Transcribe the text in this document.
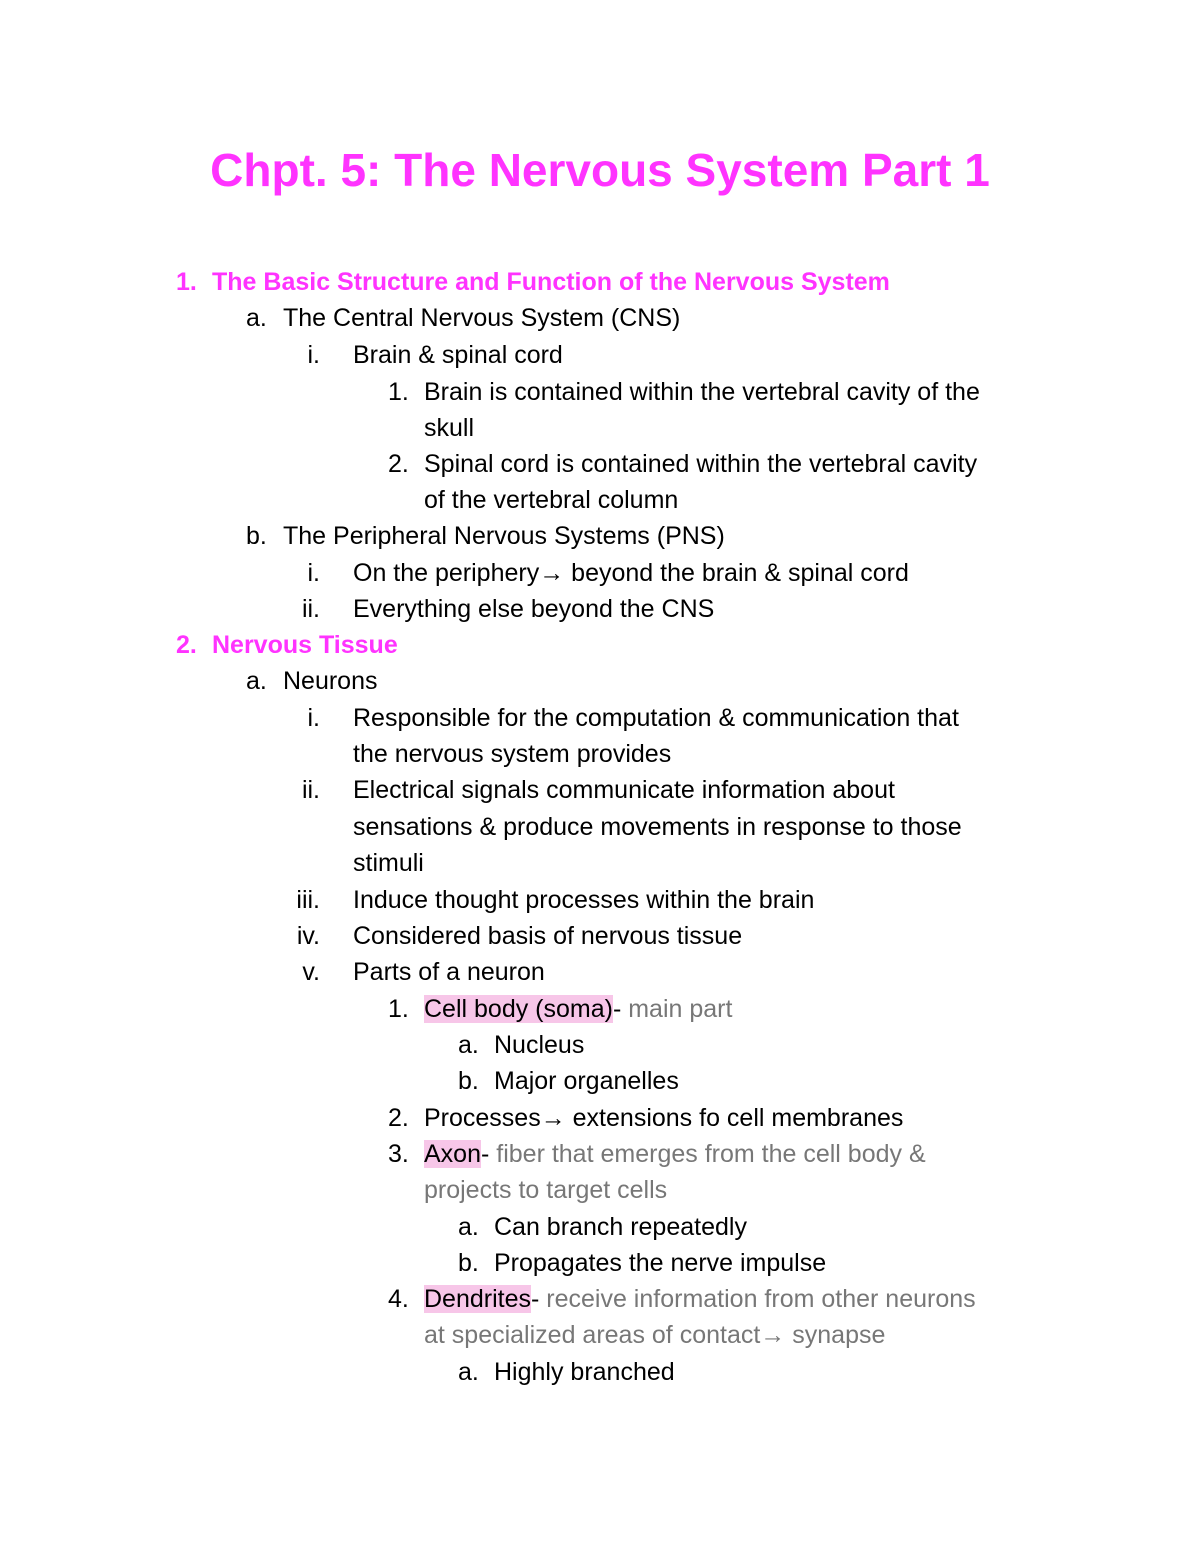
Chpt. 5: The Nervous System Part 1
1. The Basic Structure and Function of the Nervous System
a. The Central Nervous System (CNS)
i. Brain & spinal cord
1. Brain is contained within the vertebral cavity of the
skull
2. Spinal cord is contained within the vertebral cavity
of the vertebral column
b. The Peripheral Nervous Systems (PNS)
i. On the periphery→ beyond the brain & spinal cord
ii. Everything else beyond the CNS
2. Nervous Tissue
a. Neurons
i. Responsible for the computation & communication that
the nervous system provides
ii. Electrical signals communicate information about
sensations & produce movements in response to those
stimuli
iii. Induce thought processes within the brain
iv. Considered basis of nervous tissue
v. Parts of a neuron
1. Cell body (soma)- main part
a. Nucleus
b. Major organelles
2. Processes→ extensions fo cell membranes
3. Axon- fiber that emerges from the cell body &
projects to target cells
a. Can branch repeatedly
b. Propagates the nerve impulse
4. Dendrites- receive information from other neurons
at specialized areas of contact→ synapse
a. Highly branched
